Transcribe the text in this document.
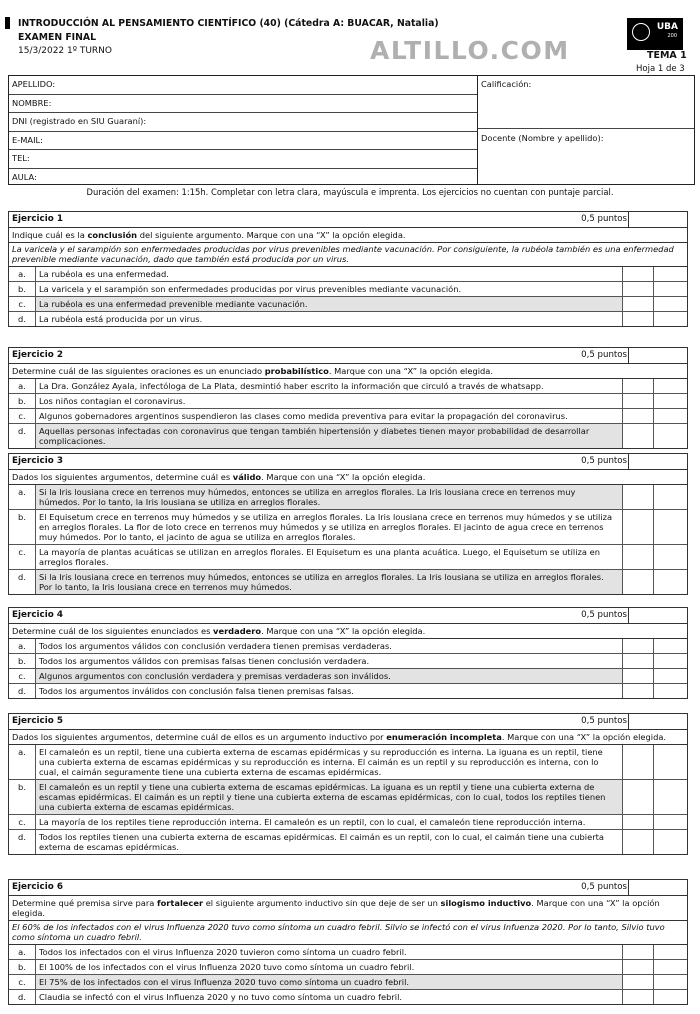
INTRODUCCIÓN AL PENSAMIENTO CIENTÍFICO (40) (Cátedra A: BUACAR, Natalia)
EXAMEN FINAL
15/3/2022 1º TURNO	ALTILLO.COM
UBA
200
TEMA 1
Hoja 1 de 3
APELLIDO:
NOMBRE:
DNI (registrado en SIU Guaraní):
E-MAIL:
TEL:
AULA:
Calificación:
Docente (Nombre y apellido):
Duración del examen: 1:15h. Completar con letra clara, mayúscula e imprenta. Los ejercicios no cuentan con puntaje parcial.
Ejercicio 1	0,5 puntos
Indique cuál es la conclusión del siguiente argumento. Marque con una “X” la opción elegida.
La varicela y el sarampión son enfermedades producidas por virus prevenibles mediante vacunación. Por consiguiente, la rubéola también es una enfermedad prevenible mediante vacunación, dado que también está producida por un virus.
a.	La rubéola es una enfermedad.
b.	La varicela y el sarampión son enfermedades producidas por virus prevenibles mediante vacunación.
c.	La rubéola es una enfermedad prevenible mediante vacunación.
d.	La rubéola está producida por un virus.
Ejercicio 2	0,5 puntos
Determine cuál de las siguientes oraciones es un enunciado probabilístico. Marque con una “X” la opción elegida.
a.	La Dra. González Ayala, infectóloga de La Plata, desmintió haber escrito la información que circuló a través de whatsapp.
b.	Los niños contagian el coronavirus.
c.	Algunos gobernadores argentinos suspendieron las clases como medida preventiva para evitar la propagación del coronavirus.
d.	Aquellas personas infectadas con coronavirus que tengan también hipertensión y diabetes tienen mayor probabilidad de desarrollar complicaciones.
Ejercicio 3	0,5 puntos
Dados los siguientes argumentos, determine cuál es válido. Marque con una “X” la opción elegida.
a.	Si la Iris lousiana crece en terrenos muy húmedos, entonces se utiliza en arreglos florales. La Iris lousiana crece en terrenos muy húmedos. Por lo tanto, la Iris lousiana se utiliza en arreglos florales.
b.	El Equisetum crece en terrenos muy húmedos y se utiliza en arreglos florales. La Iris lousiana crece en terrenos muy húmedos y se utiliza en arreglos florales. La flor de loto crece en terrenos muy húmedos y se utiliza en arreglos florales. El jacinto de agua crece en terrenos muy húmedos. Por lo tanto, el jacinto de agua se utiliza en arreglos florales.
c.	La mayoría de plantas acuáticas se utilizan en arreglos florales. El Equisetum es una planta acuática. Luego, el Equisetum se utiliza en arreglos florales.
d.	Si la Iris lousiana crece en terrenos muy húmedos, entonces se utiliza en arreglos florales. La Iris lousiana se utiliza en arreglos florales. Por lo tanto, la Iris lousiana crece en terrenos muy húmedos.
Ejercicio 4	0,5 puntos
Determine cuál de los siguientes enunciados es verdadero. Marque con una “X” la opción elegida.
a.	Todos los argumentos válidos con conclusión verdadera tienen premisas verdaderas.
b.	Todos los argumentos válidos con premisas falsas tienen conclusión verdadera.
c.	Algunos argumentos con conclusión verdadera y premisas verdaderas son inválidos.
d.	Todos los argumentos inválidos con conclusión falsa tienen premisas falsas.
Ejercicio 5	0,5 puntos
Dados los siguientes argumentos, determine cuál de ellos es un argumento inductivo por enumeración incompleta. Marque con una “X” la opción elegida.
a.	El camaleón es un reptil, tiene una cubierta externa de escamas epidérmicas y su reproducción es interna. La iguana es un reptil, tiene una cubierta externa de escamas epidérmicas y su reproducción es interna. El caimán es un reptil y su reproducción es interna, con lo cual, el caimán seguramente tiene una cubierta externa de escamas epidérmicas.
b.	El camaleón es un reptil y tiene una cubierta externa de escamas epidérmicas. La iguana es un reptil y tiene una cubierta externa de escamas epidérmicas. El caimán es un reptil y tiene una cubierta externa de escamas epidérmicas, con lo cual, todos los reptiles tienen una cubierta externa de escamas epidérmicas.
c.	La mayoría de los reptiles tiene reproducción interna. El camaleón es un reptil, con lo cual, el camaleón tiene reproducción interna.
d.	Todos los reptiles tienen una cubierta externa de escamas epidérmicas. El caimán es un reptil, con lo cual, el caimán tiene una cubierta externa de escamas epidérmicas.
Ejercicio 6	0,5 puntos
Determine qué premisa sirve para fortalecer el siguiente argumento inductivo sin que deje de ser un silogismo inductivo. Marque con una “X” la opción elegida.
El 60% de los infectados con el virus Influenza 2020 tuvo como síntoma un cuadro febril. Silvio se infectó con el virus Infuenza 2020. Por lo tanto, Silvio tuvo como síntoma un cuadro febril.
a.	Todos los infectados con el virus Influenza 2020 tuvieron como síntoma un cuadro febril.
b.	El 100% de los infectados con el virus Influenza 2020 tuvo como síntoma un cuadro febril.
c.	El 75% de los infectados con el virus Influenza 2020 tuvo como síntoma un cuadro febril.
d.	Claudia se infectó con el virus Influenza 2020 y no tuvo como síntoma un cuadro febril.
